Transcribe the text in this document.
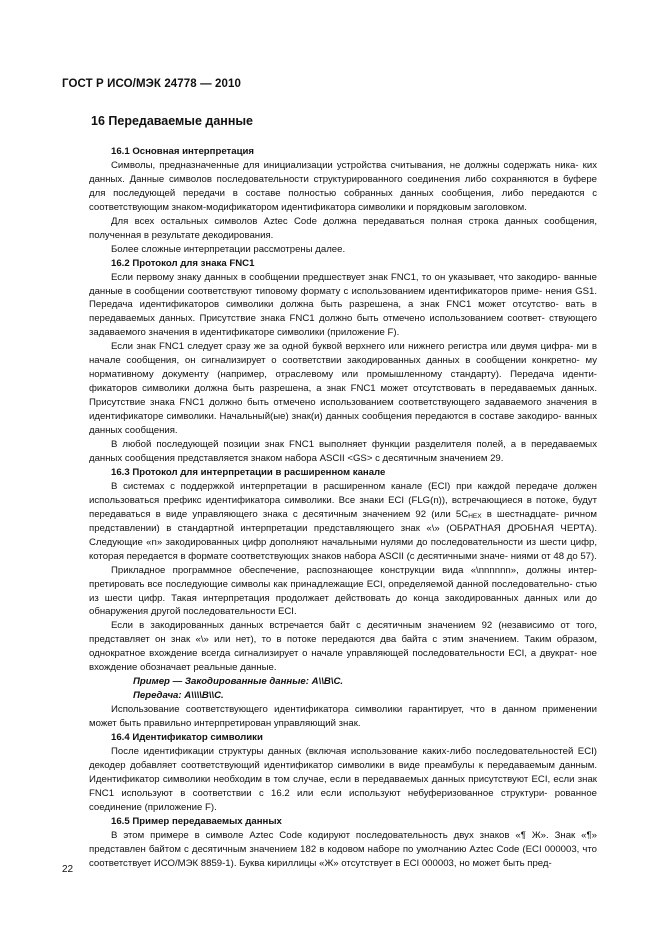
ГОСТ Р ИСО/МЭК 24778 — 2010
16 Передаваемые данные
16.1 Основная интерпретация

Символы, предназначенные для инициализации устройства считывания, не должны содержать ника- ких данных. Данные символов последовательности структурированного соединения либо сохраняются в буфере для последующей передачи в составе полностью собранных данных сообщения, либо передаются с соответствующим знаком-модификатором идентификатора символики и порядковым заголовком.

Для всех остальных символов Aztec Code должна передаваться полная строка данных сообщения, полученная в результате декодирования.

Более сложные интерпретации рассмотрены далее.

16.2 Протокол для знака FNC1

Если первому знаку данных в сообщении предшествует знак FNC1, то он указывает, что закодиро- ванные данные в сообщении соответствуют типовому формату с использованием идентификаторов приме- нения GS1. Передача идентификаторов символики должна быть разрешена, а знак FNC1 может отсутство- вать в передаваемых данных. Присутствие знака FNC1 должно быть отмечено использованием соответ- ствующего задаваемого значения в идентификаторе символики (приложение F).

Если знак FNC1 следует сразу же за одной буквой верхнего или нижнего регистра или двумя цифра- ми в начале сообщения, он сигнализирует о соответствии закодированных данных в сообщении конкретно- му нормативному документу (например, отраслевому или промышленному стандарту). Передача иденти- фикаторов символики должна быть разрешена, а знак FNC1 может отсутствовать в передаваемых данных. Присутствие знака FNC1 должно быть отмечено использованием соответствующего задаваемого значения в идентификаторе символики. Начальный(ые) знак(и) данных сообщения передаются в составе закодиро- ванных данных сообщения.

В любой последующей позиции знак FNC1 выполняет функции разделителя полей, а в передаваемых данных сообщения представляется знаком набора ASCII <GS> с десятичным значением 29.

16.3 Протокол для интерпретации в расширенном канале

В системах с поддержкой интерпретации в расширенном канале (ECI) при каждой передаче должен использоваться префикс идентификатора символики. Все знаки ECI (FLG(n)), встречающиеся в потоке, будут передаваться в виде управляющего знака с десятичным значением 92 (или $5C_{HEX}$ в шестнадцате- ричном представлении) в стандартной интерпретации представляющего знак «\» (ОБРАТНАЯ ДРОБНАЯ ЧЕРТА). Следующие «n» закодированных цифр дополняют начальными нулями до последовательности из шести цифр, которая передается в формате соответствующих знаков набора ASCII (с десятичными значе- ниями от 48 до 57).

Прикладное программное обеспечение, распознающее конструкции вида «\nnnnnn», должны интер- претировать все последующие символы как принадлежащие ECI, определяемой данной последовательно- стью из шести цифр. Такая интерпретация продолжает действовать до конца закодированных данных или до обнаружения другой последовательности ECI.

Если в закодированных данных встречается байт с десятичным значением 92 (независимо от того, представляет он знак «\» или нет), то в потоке передаются два байта с этим значением. Таким образом, однократное вхождение всегда сигнализирует о начале управляющей последовательности ECI, а двукрат- ное вхождение обозначает реальные данные.

Пример — Закодированные данные: A\\B\C.

Передача: A\\\\B\\C.

Использование соответствующего идентификатора символики гарантирует, что в данном применении может быть правильно интерпретирован управляющий знак.

16.4 Идентификатор символики

После идентификации структуры данных (включая использование каких-либо последовательностей ECI) декодер добавляет соответствующий идентификатор символики в виде преамбулы к передаваемым данным. Идентификатор символики необходим в том случае, если в передаваемых данных присутствуют ECI, если знак FNC1 используют в соответствии с 16.2 или если используют небуферизованное структури- рованное соединение (приложение F).

16.5 Пример передаваемых данных

В этом примере в символе Aztec Code кодируют последовательность двух знаков «¶ Ж». Знак «¶» представлен байтом с десятичным значением 182 в кодовом наборе по умолчанию Aztec Code (ECI 000003, что соответствует ИСО/МЭК 8859-1). Буква кириллицы «Ж» отсутствует в ECI 000003, но может быть пред-

22
